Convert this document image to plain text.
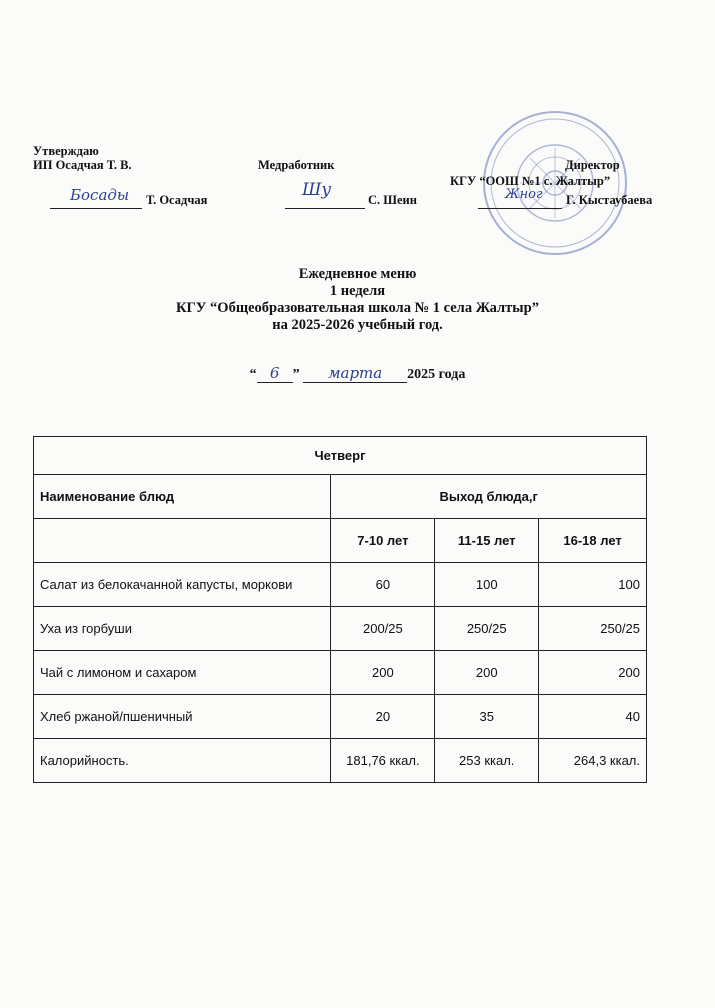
Утверждаю
ИП Осадчая Т. В.
Босады Т. Осадчая
Медработник
Шу	С. Шеин
Директор
КГУ “ООШ №1 с. Жалтыр”
Жног Г. Кыстаубаева
Ежедневное меню
1 неделя
КГУ “Общеобразовательная школа № 1 села Жалтыр”
на 2025-2026 учебный год.
“ 6 ” марта 2025 года
Четверг			
Наименование блюд	Выход блюда,г		
	7-10 лет	11-15 лет	16-18 лет
Салат из белокачанной капусты, моркови	60	100	100
Уха из горбуши	200/25	250/25	250/25
Чай с лимоном и сахаром	200	200	200
Хлеб ржаной/пшеничный	20	35	40
Калорийность.	181,76 ккал.	253 ккал.	264,3 ккал.
